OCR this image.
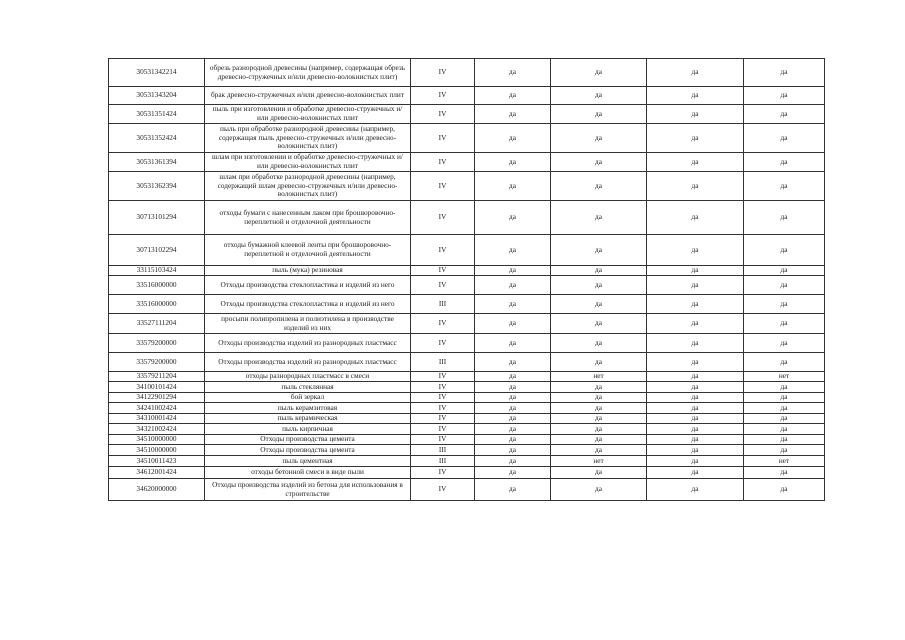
30531342214	обрезь разнородной древесины (например, содержащая обрезь древесно-стружечных и/или древесно-волокнистых плит)	IV	да	да	да	да
30531343204	брак древесно-стружечных и/или древесно-волокнистых плит	IV	да	да	да	да
30531351424	пыль при изготовлении и обработке древесно-стружечных и/или древесно-волокнистых плит	IV	да	да	да	да
30531352424	пыль при обработке разнородной древесины (например, содержащая пыль древесно-стружечных и/или древесно-волокнистых плит)	IV	да	да	да	да
30531361394	шлам при изготовлении и обработке древесно-стружечных и/или древесно-волокнистых плит	IV	да	да	да	да
30531362394	шлам при обработке разнородной древесины (например, содержащий шлам древесно-стружечных и/или древесно-волокнистых плит)	IV	да	да	да	да
30713101294	отходы бумаги с нанесенным лаком при брошюровочно-переплетной и отделочной деятельности	IV	да	да	да	да
30713102294	отходы бумажной клеевой ленты при брошюровочно-переплетной и отделочной деятельности	IV	да	да	да	да
33115103424	пыль (мука) резиновая	IV	да	да	да	да
33516000000	Отходы производства стеклопластика и изделий из него	IV	да	да	да	да
33516000000	Отходы производства стеклопластика и изделий из него	III	да	да	да	да
33527111204	просыпи полипропилена и полиэтилена в производстве изделий из них	IV	да	да	да	да
33579200000	Отходы производства изделий из разнородных пластмасс	IV	да	да	да	да
33579200000	Отходы производства изделий из разнородных пластмасс	III	да	да	да	да
33579211204	отходы разнородных пластмасс в смеси	IV	да	нет	да	нет
34100101424	пыль стеклянная	IV	да	да	да	да
34122901294	бой зеркал	IV	да	да	да	да
34241002424	пыль керамзитовая	IV	да	да	да	да
34310001424	пыль керамическая	IV	да	да	да	да
34321002424	пыль кирпичная	IV	да	да	да	да
34510000000	Отходы производства цемента	IV	да	да	да	да
34510000000	Отходы производства цемента	III	да	да	да	да
34510011423	пыль цементная	III	да	нет	да	нет
34612001424	отходы бетонной смеси в виде пыли	IV	да	да	да	да
34620000000	Отходы производства изделий из бетона для использования в строительстве	IV	да	да	да	да
